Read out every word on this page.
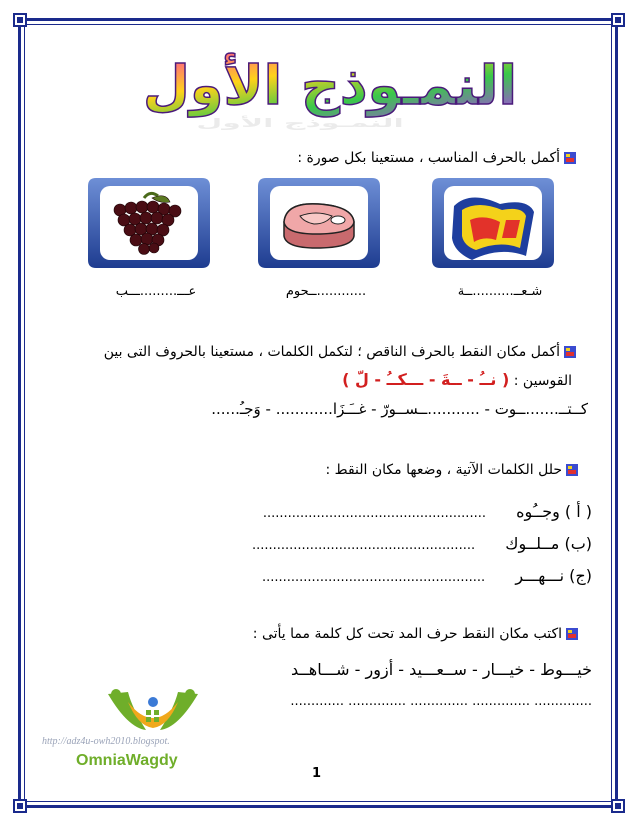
النمـوذج الأول
النمـوذج الأول
أكمل بالحرف المناسب ، مستعينا بكل صورة :
شـعــ..........ــة
............ــحوم
عـــ.........ـــب
أكمل مكان النقط بالحرف الناقص ؛ لتكمل الكلمات ، مستعينا بالحروف التى بين
القوسين : ( نــُ - ــةَ - ـــكــُ - لّ )
كــتــ.......ــوت - ...........ــســورّ - غــَـزَا............ - وَجـُ......
حلل الكلمات الآتية ، وضعها مكان النقط :
( أ ) وجــُوه  ......................................................
(ب) مــلــوك  ......................................................
(ج) نـــهـــر  ......................................................
اكتب مكان النقط حرف المد تحت كل كلمة مما يأتى :
خيـــوط - خيـــار - ســعـــيد - أزور - شـــاهــد
............. .............. .............. .............. ..............
http://adz4u-owh2010.blogspot.
OmniaWagdy
1
